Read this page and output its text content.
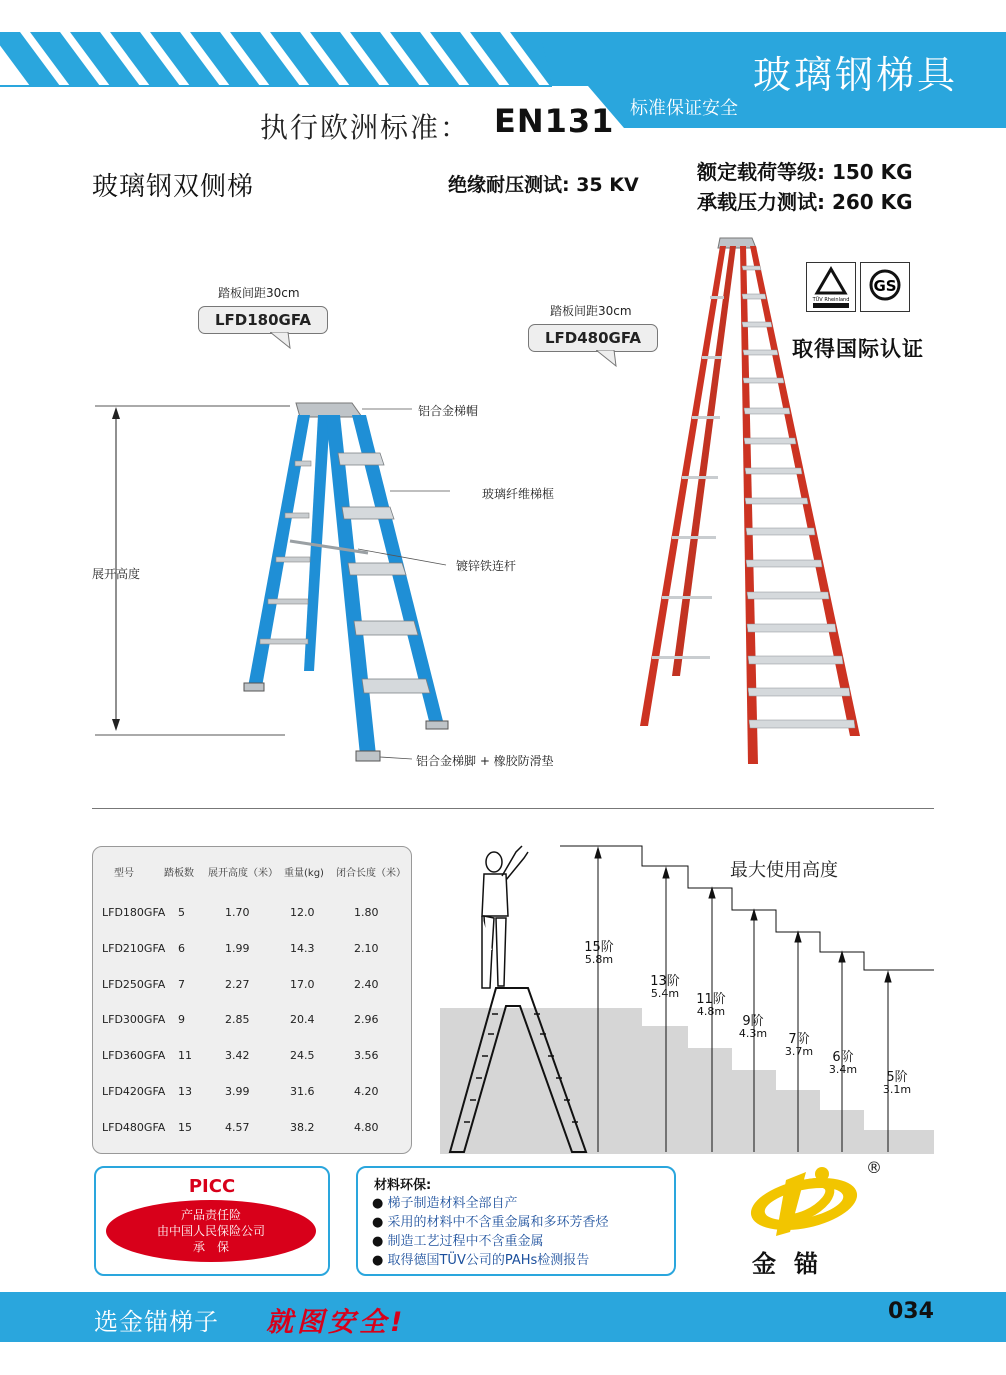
玻璃钢梯具
标准保证安全
执行欧洲标准： EN131
玻璃钢双侧梯	绝缘耐压测试: 35 KV
额定载荷等级: 150 KG
承载压力测试: 260 KG
踏板间距30cm
LFD180GFA
铝合金梯帽
玻璃纤维梯框
镀锌铁连杆
铝合金梯脚 + 橡胶防滑垫
展开高度
踏板间距30cm
LFD480GFA
TÜV Rheinland
GS
取得国际认证
型号	踏板数 展开高度（米） 重量(kg) 闭合长度（米）
LFD180GFA 5	1.70	12.0	1.80
LFD210GFA 6	1.99	14.3	2.10
LFD250GFA 7	2.27	17.0	2.40
LFD300GFA 9	2.85	20.4	2.96
LFD360GFA 11	3.42	24.5	3.56
LFD420GFA 13	3.99	31.6	4.20
LFD480GFA 15	4.57	38.2	4.80
最大使用高度
15阶
5.8m
13阶
5.4m	11阶
4.8m
9阶
4.3m	7阶
3.7m	6阶
3.4m
5阶
3.1m
PICC
产品责任险
由中国人民保险公司
承　保
材料环保:
● 梯子制造材料全部自产
● 采用的材料中不含重金属和多环芳香烃
● 制造工艺过程中不含重金属
● 取得德国TÜV公司的PAHs检测报告
®
金锚
选金锚梯子 就图安全!	034
